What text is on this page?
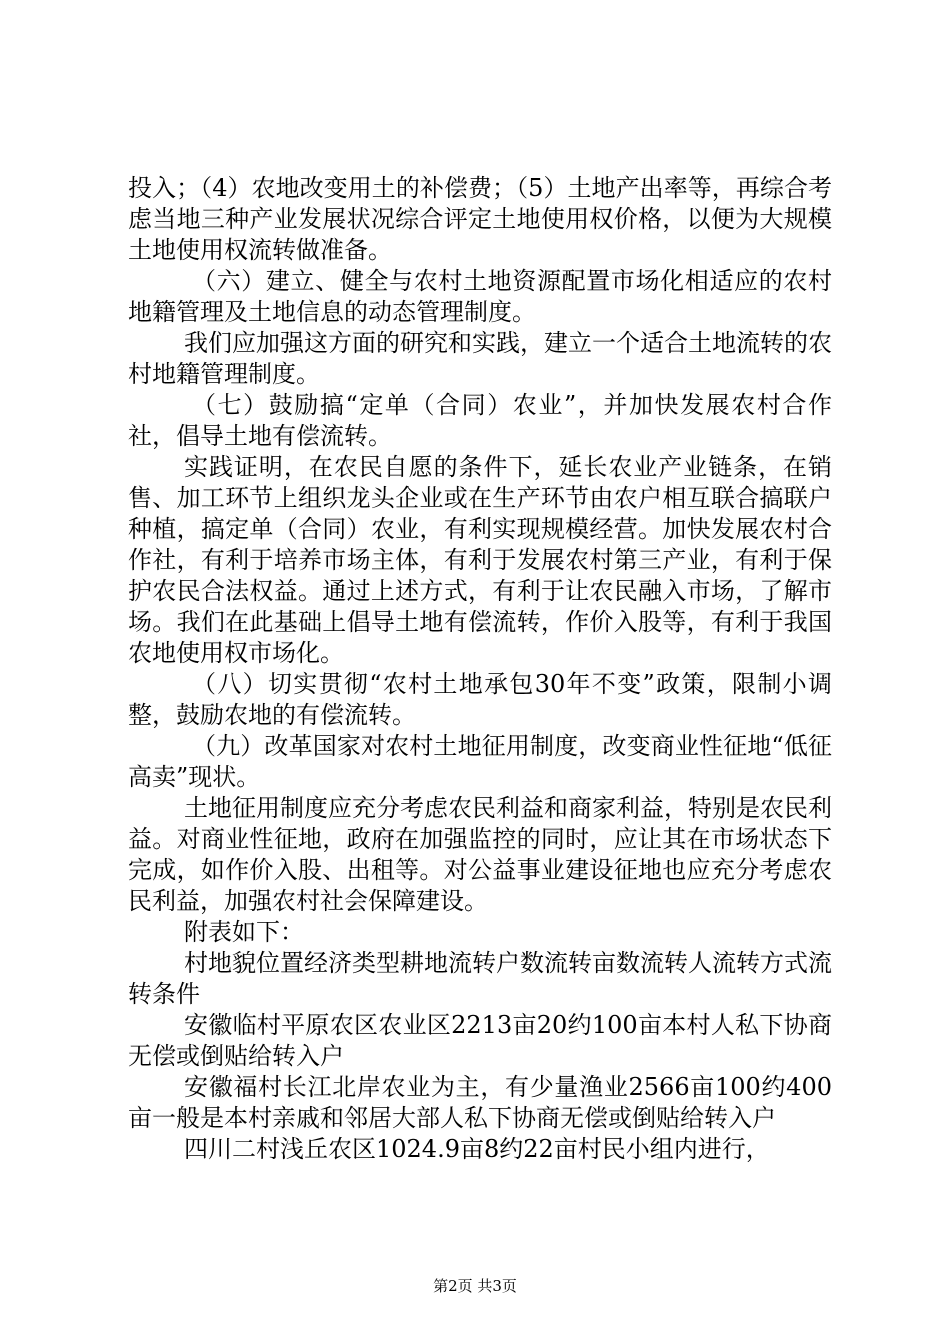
投入；（4）农地改变用土的补偿费；（5）土地产出率等，再综合考虑当地三种产业发展状况综合评定土地使用权价格，以便为大规模土地使用权流转做准备。

（六）建立、健全与农村土地资源配置市场化相适应的农村地籍管理及土地信息的动态管理制度。

我们应加强这方面的研究和实践，建立一个适合土地流转的农村地籍管理制度。

（七）鼓励搞“定单（合同）农业”，并加快发展农村合作社，倡导土地有偿流转。

实践证明，在农民自愿的条件下，延长农业产业链条，在销售、加工环节上组织龙头企业或在生产环节由农户相互联合搞联户种植，搞定单（合同）农业，有利实现规模经营。加快发展农村合作社，有利于培养市场主体，有利于发展农村第三产业，有利于保护农民合法权益。通过上述方式，有利于让农民融入市场，了解市场。我们在此基础上倡导土地有偿流转，作价入股等，有利于我国农地使用权市场化。

（八）切实贯彻“农村土地承包30年不变”政策，限制小调整，鼓励农地的有偿流转。

（九）改革国家对农村土地征用制度，改变商业性征地“低征高卖”现状。

土地征用制度应充分考虑农民利益和商家利益，特别是农民利益。对商业性征地，政府在加强监控的同时，应让其在市场状态下完成，如作价入股、出租等。对公益事业建设征地也应充分考虑农民利益，加强农村社会保障建设。

附表如下：

村地貌位置经济类型耕地流转户数流转亩数流转人流转方式流转条件

安徽临村平原农区农业区2213亩20约100亩本村人私下协商无偿或倒贴给转入户

安徽福村长江北岸农业为主，有少量渔业2566亩100约400亩一般是本村亲戚和邻居大部人私下协商无偿或倒贴给转入户

四川二村浅丘农区1024.9亩8约22亩村民小组内进行，

第2页 共3页
